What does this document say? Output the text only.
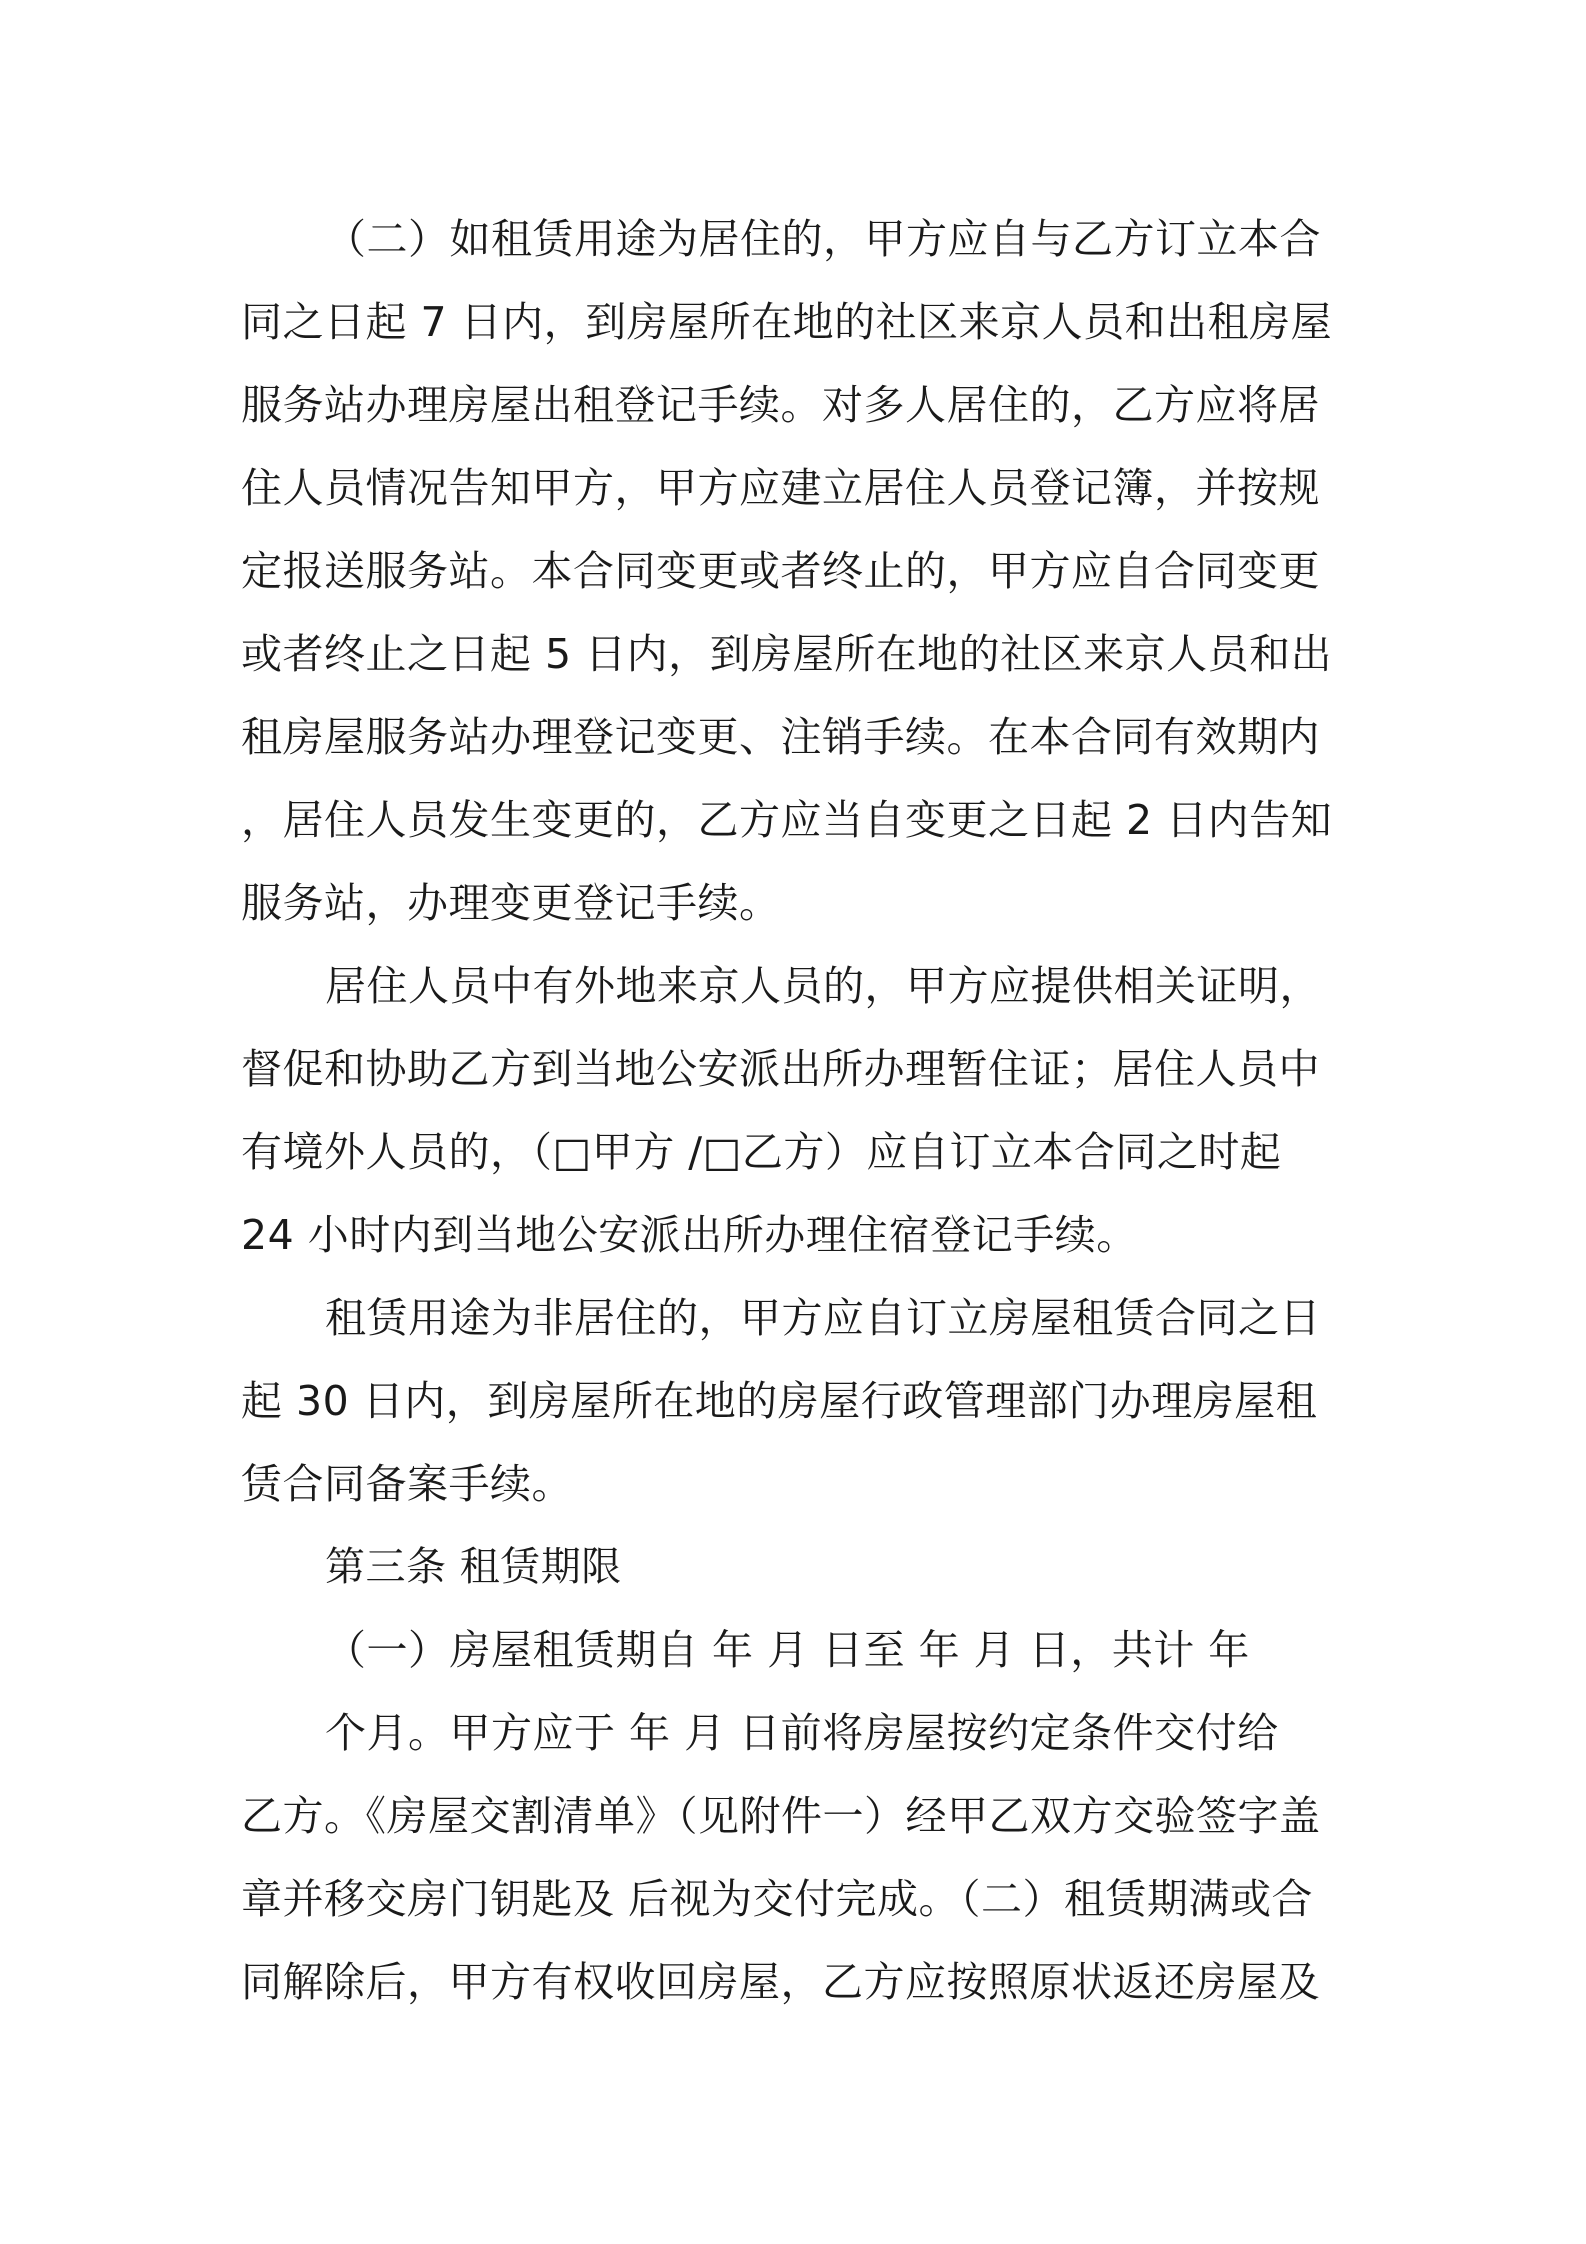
（二）如租赁用途为居住的，甲方应自与乙方订立本合
同之日起 7 日内，到房屋所在地的社区来京人员和出租房屋
服务站办理房屋出租登记手续。对多人居住的，乙方应将居
住人员情况告知甲方，甲方应建立居住人员登记簿，并按规
定报送服务站。本合同变更或者终止的，甲方应自合同变更
或者终止之日起 5 日内，到房屋所在地的社区来京人员和出
租房屋服务站办理登记变更、注销手续。在本合同有效期内
，居住人员发生变更的，乙方应当自变更之日起 2 日内告知
服务站，办理变更登记手续。
居住人员中有外地来京人员的，甲方应提供相关证明，
督促和协助乙方到当地公安派出所办理暂住证；居住人员中
有境外人员的，（□甲方 /□乙方）应自订立本合同之时起
24 小时内到当地公安派出所办理住宿登记手续。
租赁用途为非居住的，甲方应自订立房屋租赁合同之日
起 30 日内，到房屋所在地的房屋行政管理部门办理房屋租
赁合同备案手续。
第三条 租赁期限
（一）房屋租赁期自 年 月 日至 年 月 日，共计 年
个月。甲方应于 年 月 日前将房屋按约定条件交付给
乙方。《房屋交割清单》（见附件一）经甲乙双方交验签字盖
章并移交房门钥匙及 后视为交付完成。（二）租赁期满或合
同解除后，甲方有权收回房屋，乙方应按照原状返还房屋及
